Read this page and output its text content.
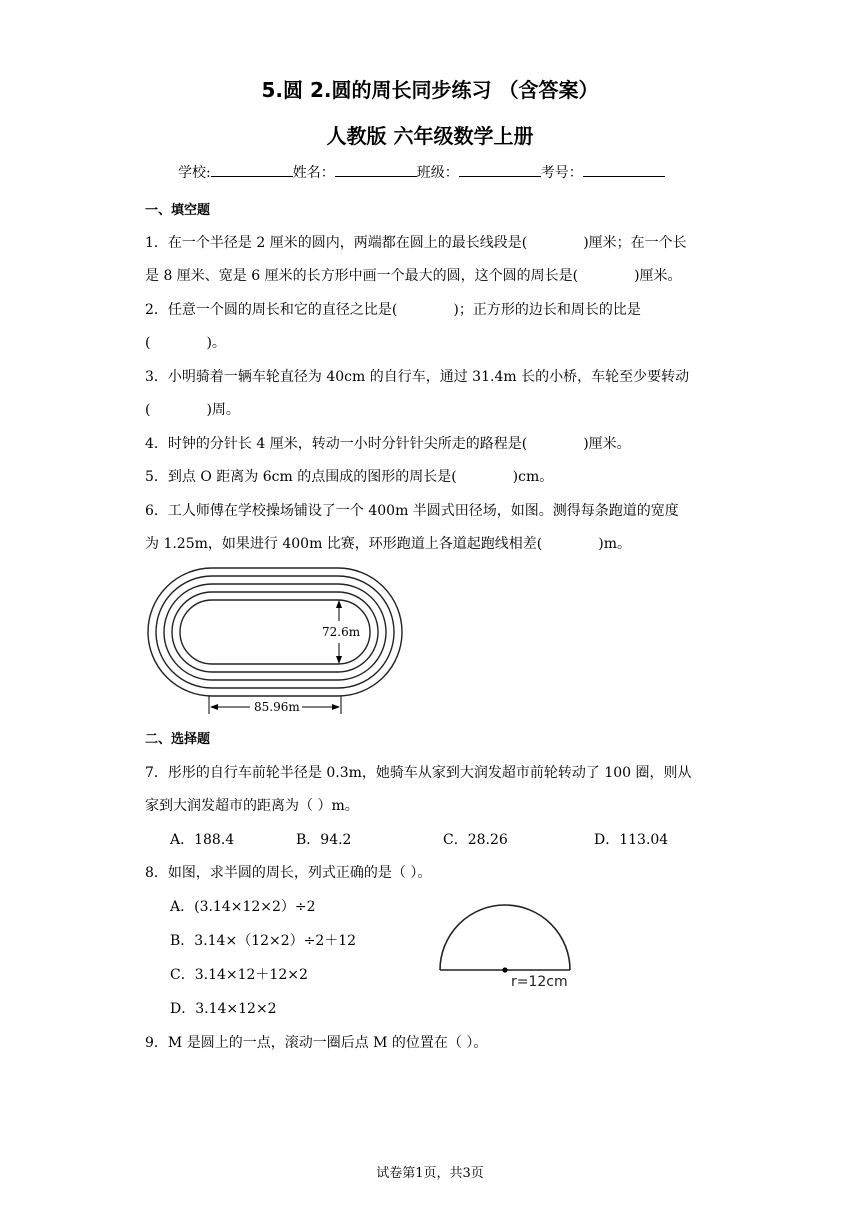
5.圆 2.圆的周长同步练习 （含答案）
人教版 六年级数学上册
学校:	姓名：	班级：	考号：
一、填空题
1．在一个半径是 2 厘米的圆内，两端都在圆上的最长线段是(	)厘米；在一个长
是 8 厘米、宽是 6 厘米的长方形中画一个最大的圆，这个圆的周长是(	)厘米。
2．任意一个圆的周长和它的直径之比是(	)；正方形的边长和周长的比是
(	)。
3．小明骑着一辆车轮直径为 40cm 的自行车，通过 31.4m 长的小桥，车轮至少要转动
(	)周。
4．时钟的分针长 4 厘米，转动一小时分针针尖所走的路程是(	)厘米。
5．到点 O 距离为 6cm 的点围成的图形的周长是(	)cm。
6．工人师傅在学校操场铺设了一个 400m 半圆式田径场，如图。测得每条跑道的宽度
为 1.25m，如果进行 400m 比赛，环形跑道上各道起跑线相差(	)m。
72.6m
85.96m
二、选择题
7．彤彤的自行车前轮半径是 0.3m，她骑车从家到大润发超市前轮转动了 100 圈，则从
家到大润发超市的距离为（ ）m。
A．188.4	B．94.2	C．28.26	D．113.04
8．如图，求半圆的周长，列式正确的是（ ）。
A．(3.14×12×2）÷2
B．3.14×（12×2）÷2＋12
C．3.14×12＋12×2
D．3.14×12×2
r=12cm
9．M 是圆上的一点，滚动一圈后点 M 的位置在（ ）。
试卷第1页，共3页
